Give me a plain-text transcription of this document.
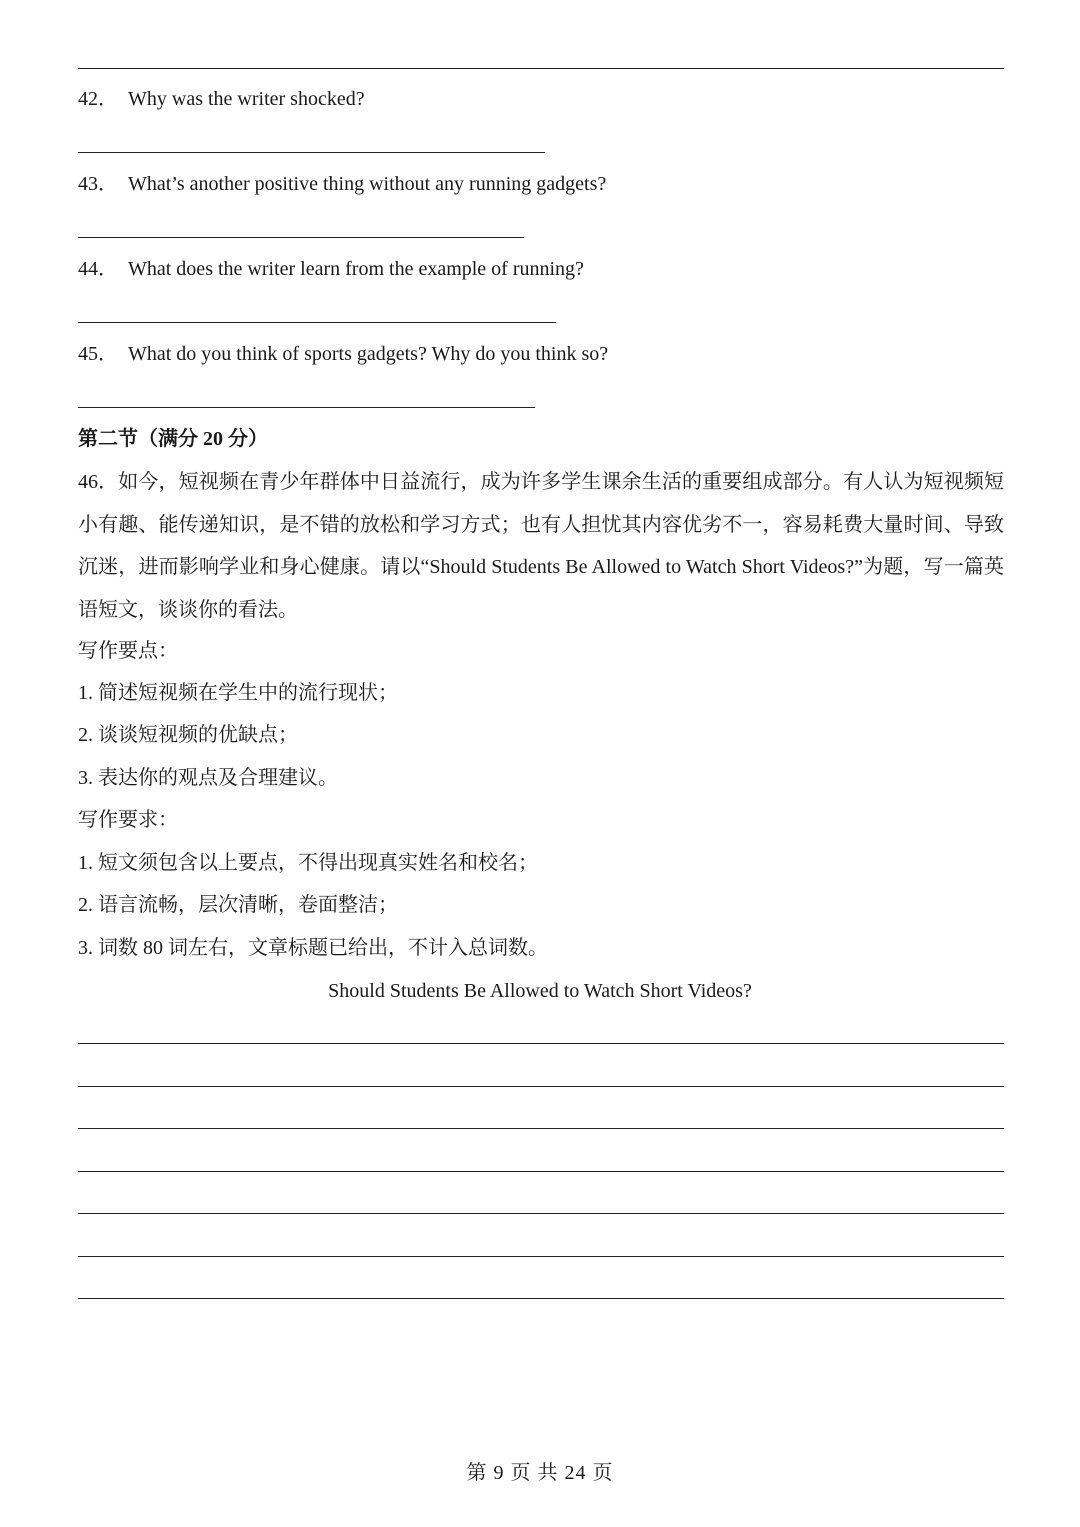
42． Why was the writer shocked?
43． What’s another positive thing without any running gadgets?
44． What does the writer learn from the example of running?
45． What do you think of sports gadgets? Why do you think so?
第二节（满分 20 分）

46．如今，短视频在青少年群体中日益流行，成为许多学生课余生活的重要组成部分。有人认为短视频短小有趣、能传递知识，是不错的放松和学习方式；也有人担忧其内容优劣不一，容易耗费大量时间、导致沉迷，进而影响学业和身心健康。请以“Should Students Be Allowed to Watch Short Videos?”为题，写一篇英语短文，谈谈你的看法。

写作要点：
1. 简述短视频在学生中的流行现状；
2. 谈谈短视频的优缺点；
3. 表达你的观点及合理建议。
写作要求：
1. 短文须包含以上要点，不得出现真实姓名和校名；
2. 语言流畅，层次清晰，卷面整洁；
3. 词数 80 词左右，文章标题已给出，不计入总词数。
Should Students Be Allowed to Watch Short Videos?
第 9 页 共 24 页
